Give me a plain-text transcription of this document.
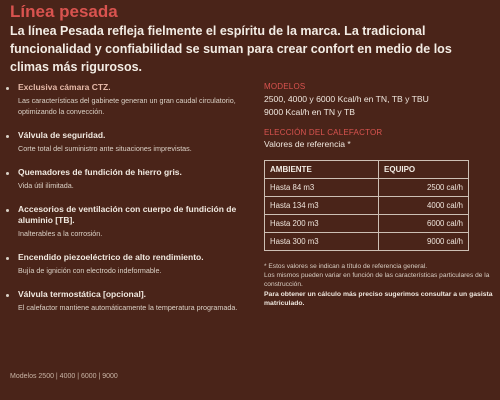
Línea pesada
La línea Pesada refleja fielmente el espíritu de la marca. La tradicional funcionalidad y confiabilidad se suman para crear confort en medio de los climas más rigurosos.
Exclusiva cámara CTZ.
Las características del gabinete generan un gran caudal circulatorio, optimizando la convección.
Válvula de seguridad.
Corte total del suministro ante situaciones imprevistas.
Quemadores de fundición de hierro gris.
Vida útil ilimitada.
Accesorios de ventilación con cuerpo de fundición de aluminio [TB].
Inalterables a la corrosión.
Encendido piezoeléctrico de alto rendimiento.
Bujía de ignición con electrodo indeformable.
Válvula termostática [opcional].
El calefactor mantiene automáticamente la temperatura programada.
Modelos 2500 | 4000 | 6000 | 9000
MODELOS
2500, 4000 y 6000 Kcal/h en TN, TB y TBU
9000 Kcal/h en TN y TB
ELECCIÓN DEL CALEFACTOR
Valores de referencia *
AMBIENTE	EQUIPO
Hasta 84 m3	2500 cal/h
Hasta 134 m3	4000 cal/h
Hasta 200 m3	6000 cal/h
Hasta 300 m3	9000 cal/h
* Estos valores se indican a título de referencia general.
Los mismos pueden variar en función de las características particulares de la construcción.
Para obtener un cálculo más preciso sugerimos consultar a un gasista matriculado.
